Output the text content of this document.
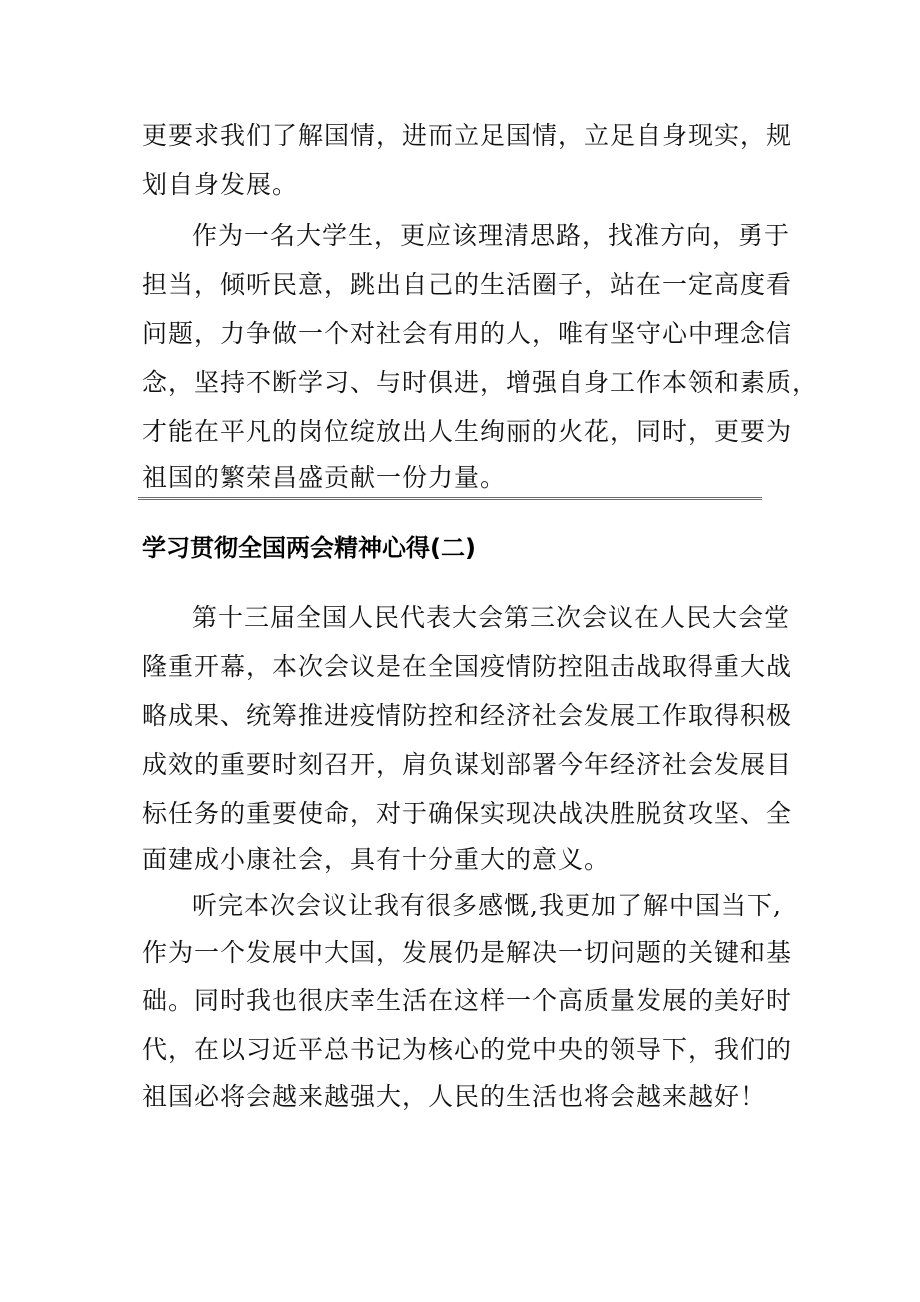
更要求我们了解国情，进而立足国情，立足自身现实，规
划自身发展。
作为一名大学生，更应该理清思路，找准方向，勇于
担当，倾听民意，跳出自己的生活圈子，站在一定高度看
问题，力争做一个对社会有用的人，唯有坚守心中理念信
念，坚持不断学习、与时俱进，增强自身工作本领和素质，
才能在平凡的岗位绽放出人生绚丽的火花，同时，更要为
祖国的繁荣昌盛贡献一份力量。
学习贯彻全国两会精神心得(二)
第十三届全国人民代表大会第三次会议在人民大会堂
隆重开幕，本次会议是在全国疫情防控阻击战取得重大战
略成果、统筹推进疫情防控和经济社会发展工作取得积极
成效的重要时刻召开，肩负谋划部署今年经济社会发展目
标任务的重要使命，对于确保实现决战决胜脱贫攻坚、全
面建成小康社会，具有十分重大的意义。
听完本次会议让我有很多感慨,我更加了解中国当下,
作为一个发展中大国，发展仍是解决一切问题的关键和基
础。同时我也很庆幸生活在这样一个高质量发展的美好时
代，在以习近平总书记为核心的党中央的领导下，我们的
祖国必将会越来越强大，人民的生活也将会越来越好！
